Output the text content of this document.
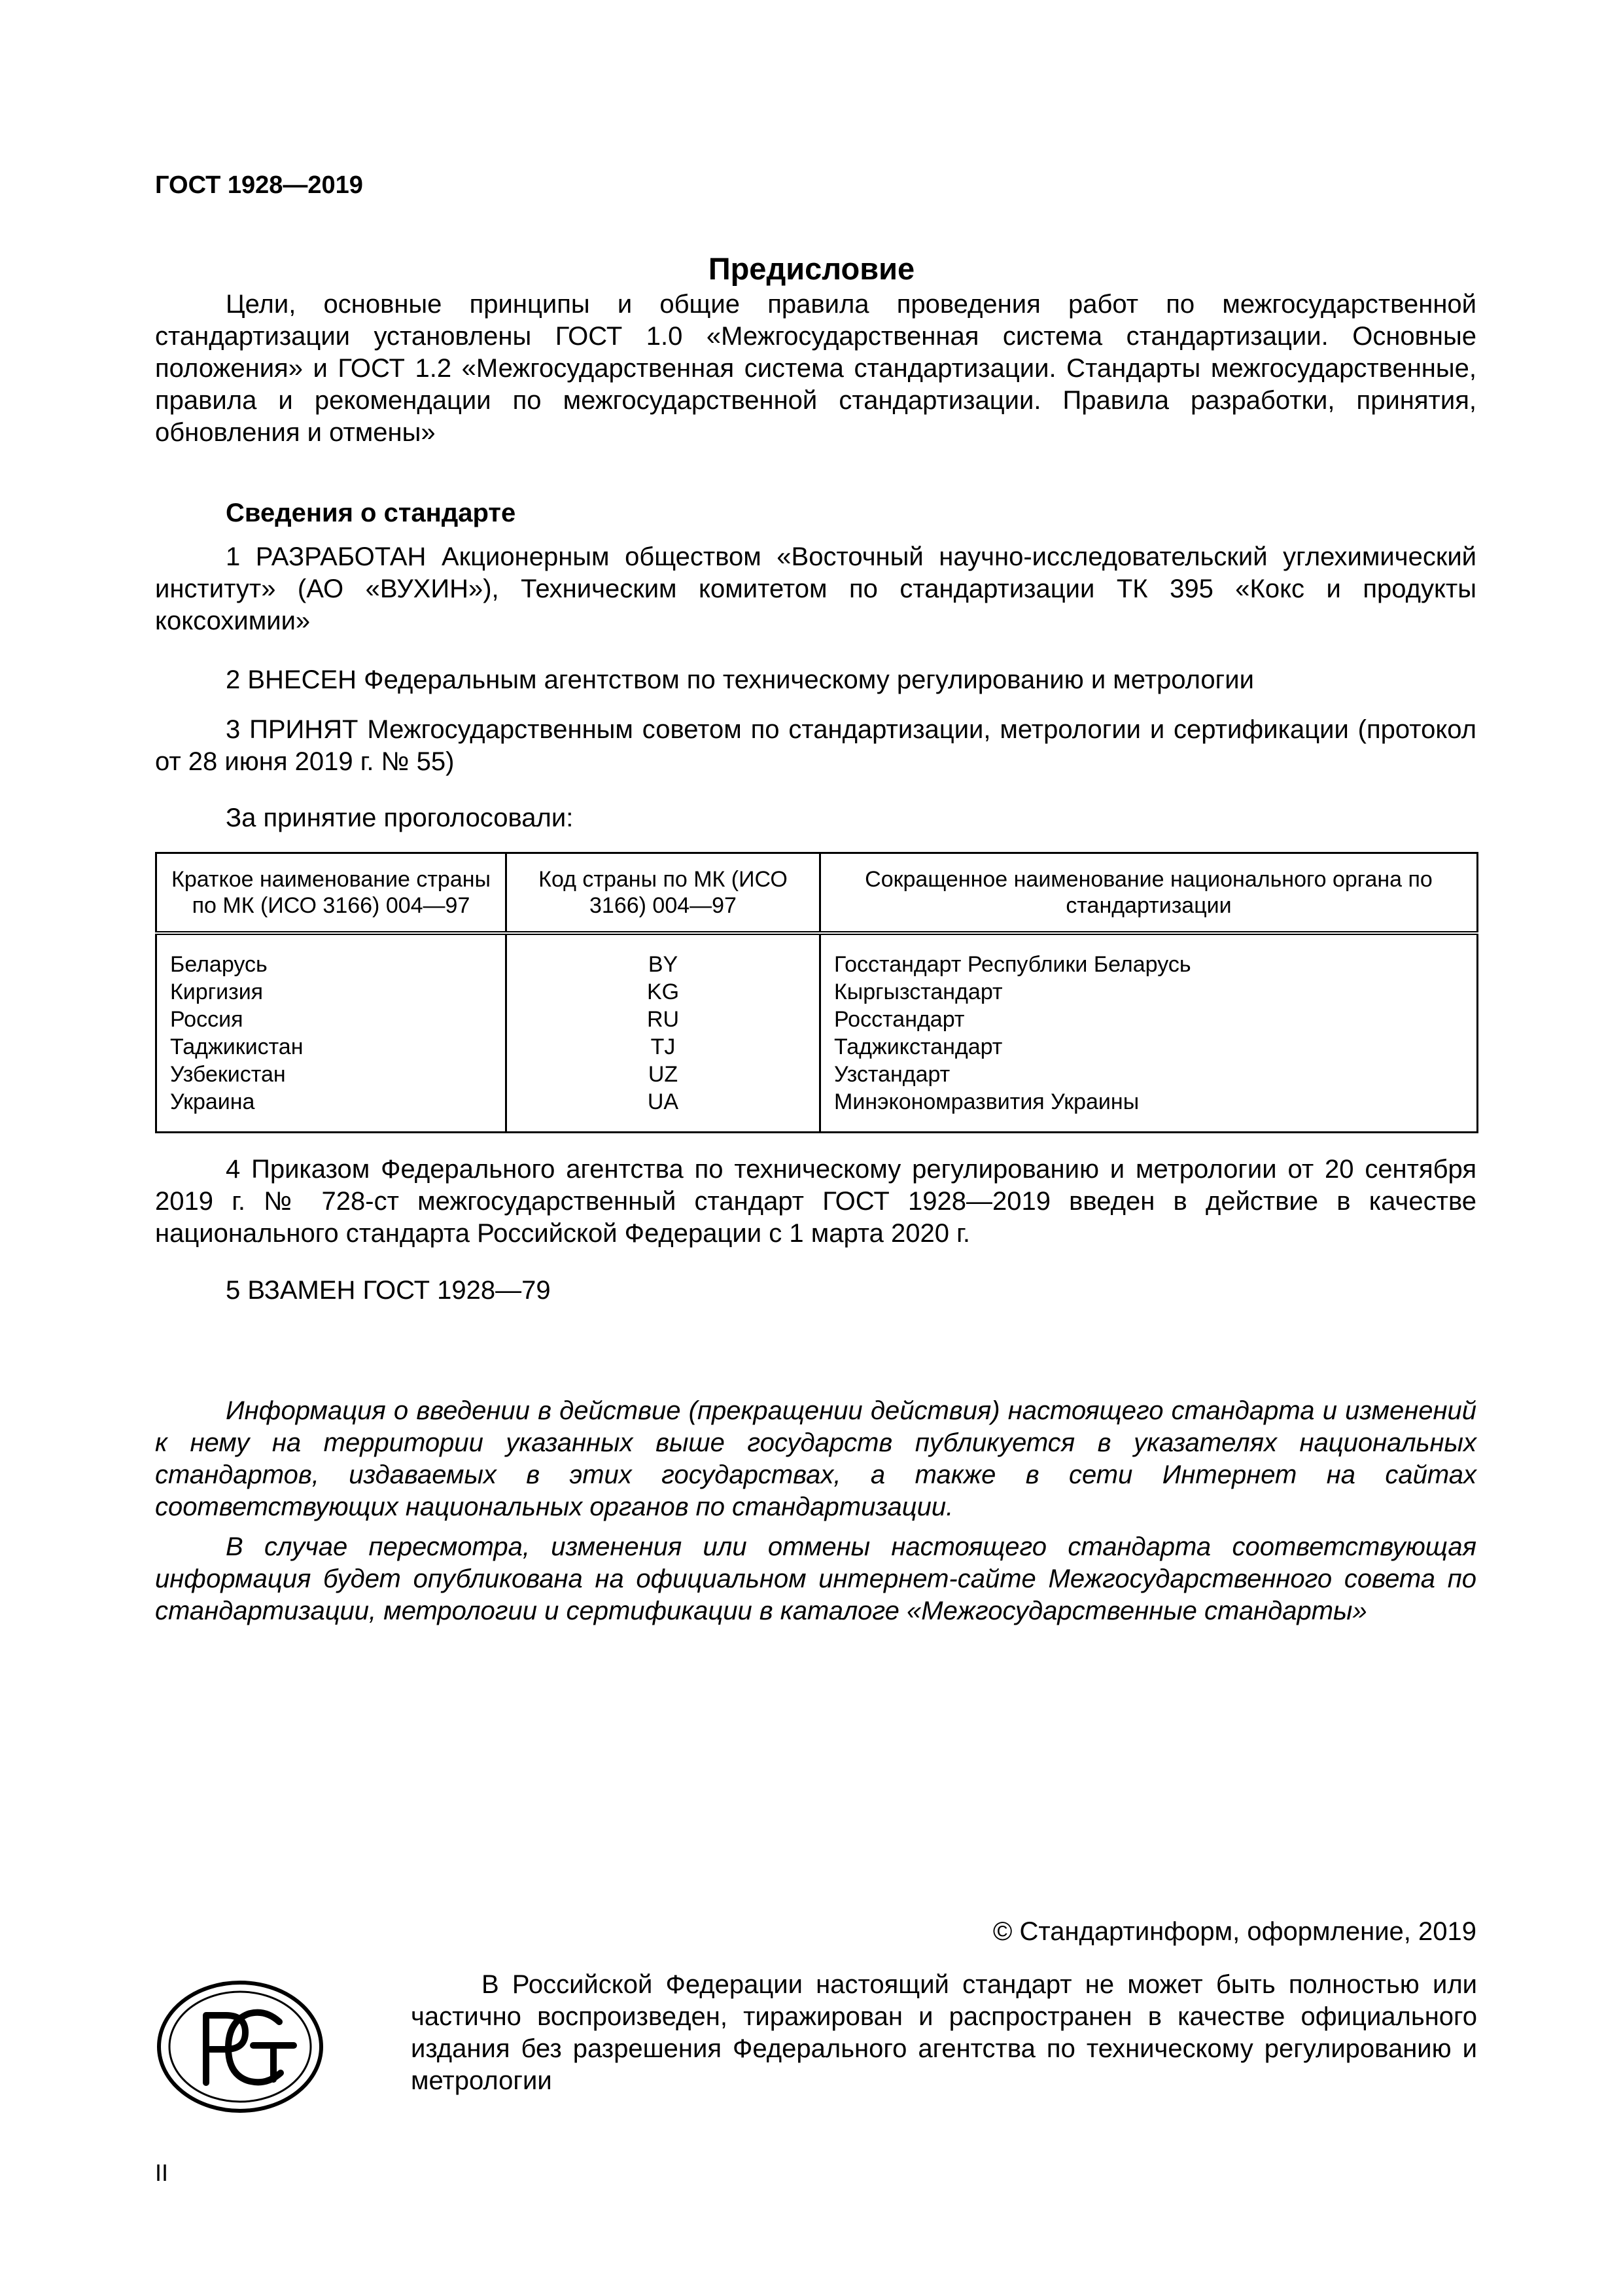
ГОСТ 1928—2019
Предисловие

Цели, основные принципы и общие правила проведения работ по межгосударственной стандартизации установлены ГОСТ 1.0 «Межгосударственная система стандартизации. Основные положения» и ГОСТ 1.2 «Межгосударственная система стандартизации. Стандарты межгосударственные, правила и рекомендации по межгосударственной стандартизации. Правила разработки, принятия, обновления и отмены»

Сведения о стандарте

1 РАЗРАБОТАН Акционерным обществом «Восточный научно-исследовательский углехимический институт» (АО «ВУХИН»), Техническим комитетом по стандартизации ТК 395 «Кокс и продукты коксохимии»

2 ВНЕСЕН Федеральным агентством по техническому регулированию и метрологии

3 ПРИНЯТ Межгосударственным советом по стандартизации, метрологии и сертификации (протокол от 28 июня 2019 г. № 55)

За принятие проголосовали:
Краткое наименование страны по МК (ИСО 3166) 004—97	Код страны по МК (ИСО 3166) 004—97	Сокращенное наименование национального органа по стандартизации
Беларусь	BY	Госстандарт Республики Беларусь
Киргизия	KG	Кыргызстандарт
Россия	RU	Росстандарт
Таджикистан	TJ	Таджикстандарт
Узбекистан	UZ	Узстандарт
Украина	UA	Минэкономразвития Украины

4 Приказом Федерального агентства по техническому регулированию и метрологии от 20 сентября 2019 г. № 728-ст межгосударственный стандарт ГОСТ 1928—2019 введен в действие в качестве национального стандарта Российской Федерации с 1 марта 2020 г.

5 ВЗАМЕН ГОСТ 1928—79

Информация о введении в действие (прекращении действия) настоящего стандарта и изменений к нему на территории указанных выше государств публикуется в указателях национальных стандартов, издаваемых в этих государствах, а также в сети Интернет на сайтах соответствующих национальных органов по стандартизации.

В случае пересмотра, изменения или отмены настоящего стандарта соответствующая информация будет опубликована на официальном интернет-сайте Межгосударственного совета по стандартизации, метрологии и сертификации в каталоге «Межгосударственные стандарты»

© Стандартинформ, оформление, 2019

В Российской Федерации настоящий стандарт не может быть полностью или частично воспроизведен, тиражирован и распространен в качестве официального издания без разрешения Федерального агентства по техническому регулированию и метрологии

II
